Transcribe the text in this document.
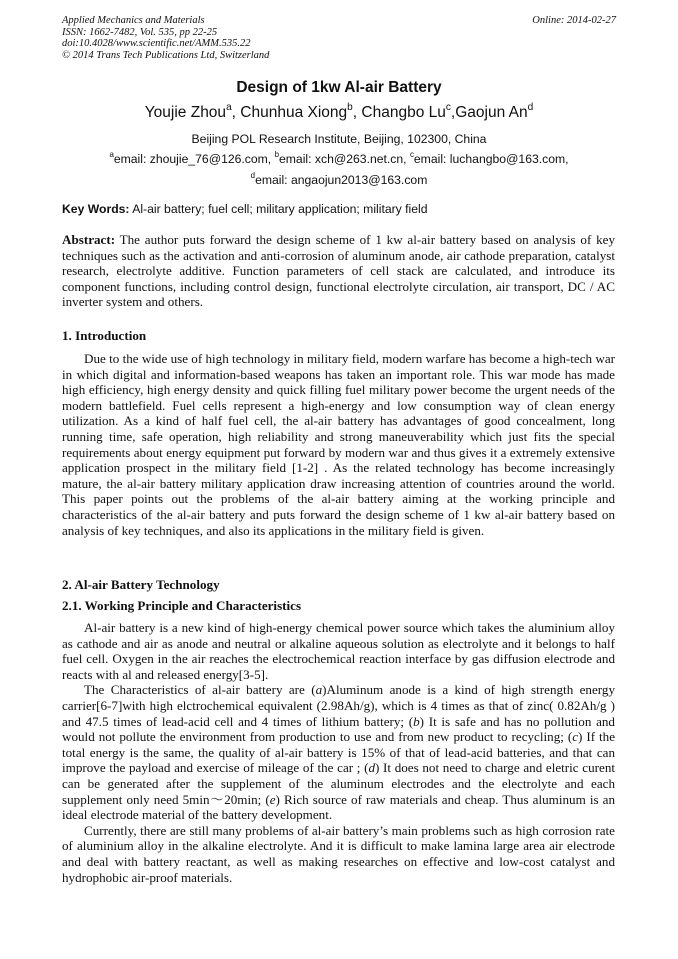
Applied Mechanics and Materials
ISSN: 1662-7482, Vol. 535, pp 22-25
doi:10.4028/www.scientific.net/AMM.535.22
© 2014 Trans Tech Publications Ltd, Switzerland
Online: 2014-02-27
Design of 1kw Al-air Battery
Youjie Zhou$^a$, Chunhua Xiong$^b$, Changbo Lu$^c$,Gaojun An$^d$
Beijing POL Research Institute, Beijing, 102300, China
$^a$email: zhoujie_76@126.com, $^b$email: xch@263.net.cn, $^c$email: luchangbo@163.com,
$^d$email: angaojun2013@163.com
Key Words: Al-air battery; fuel cell; military application; military field
Abstract: The author puts forward the design scheme of 1 kw al-air battery based on analysis of key techniques such as the activation and anti-corrosion of aluminum anode, air cathode preparation, catalyst research, electrolyte additive. Function parameters of cell stack are calculated, and introduce its component functions, including control design, functional electrolyte circulation, air transport, DC / AC inverter system and others.
1. Introduction

Due to the wide use of high technology in military field, modern warfare has become a high-tech war in which digital and information-based weapons has taken an important role. This war mode has made high efficiency, high energy density and quick filling fuel military power become the urgent needs of the modern battlefield. Fuel cells represent a high-energy and low consumption way of clean energy utilization. As a kind of half fuel cell, the al-air battery has advantages of good concealment, long running time, safe operation, high reliability and strong maneuverability which just fits the special requirements about energy equipment put forward by modern war and thus gives it a extremely extensive application prospect in the military field [1-2] . As the related technology has become increasingly mature, the al-air battery military application draw increasing attention of countries around the world. This paper points out the problems of the al-air battery aiming at the working principle and characteristics of the al-air battery and puts forward the design scheme of 1 kw al-air battery based on analysis of key techniques, and also its applications in the military field is given.

2. Al-air Battery Technology
2.1. Working Principle and Characteristics

Al-air battery is a new kind of high-energy chemical power source which takes the aluminium alloy as cathode and air as anode and neutral or alkaline aqueous solution as electrolyte and it belongs to half fuel cell. Oxygen in the air reaches the electrochemical reaction interface by gas diffusion electrode and reacts with al and released energy[3-5].

The Characteristics of al-air battery are (a)Aluminum anode is a kind of high strength energy carrier[6-7]with high elctrochemical equivalent (2.98Ah/g), which is 4 times as that of zinc( 0.82Ah/g ) and 47.5 times of lead-acid cell and 4 times of lithium battery; (b) It is safe and has no pollution and would not pollute the environment from production to use and from new product to recycling; (c) If the total energy is the same, the quality of al-air battery is 15% of that of lead-acid batteries, and that can improve the payload and exercise of mileage of the car ; (d) It does not need to charge and eletric curent can be generated after the supplement of the aluminum electrodes and the electrolyte and each supplement only need 5min～20min; (e) Rich source of raw materials and cheap. Thus aluminum is an ideal electrode material of the battery development.

Currently, there are still many problems of al-air battery’s main problems such as high corrosion rate of aluminium alloy in the alkaline electrolyte. And it is difficult to make lamina large area air electrode and deal with battery reactant, as well as making researches on effective and low-cost catalyst and hydrophobic air-proof materials.
